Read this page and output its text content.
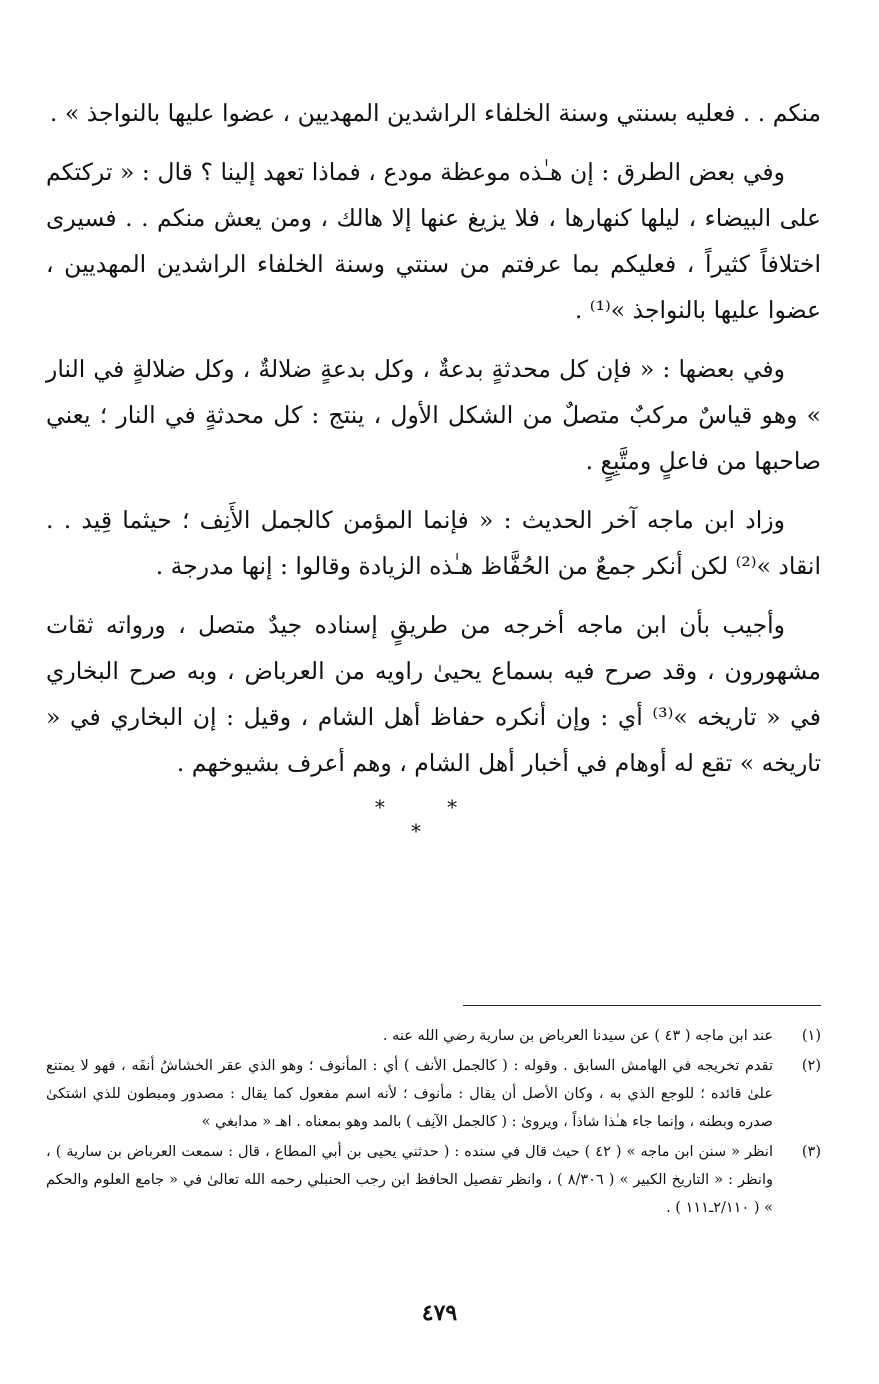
منكم . . فعليه بسنتي وسنة الخلفاء الراشدين المهديين ، عضوا عليها بالنواجذ » .

وفي بعض الطرق : إن هـٰذه موعظة مودع ، فماذا تعهد إلينا ؟ قال : « تركتكم على البيضاء ، ليلها كنهارها ، فلا يزيغ عنها إلا هالك ، ومن يعش منكم . . فسيرى اختلافاً كثيراً ، فعليكم بما عرفتم من سنتي وسنة الخلفاء الراشدين المهديين ، عضوا عليها بالنواجذ »⁽¹⁾ .

وفي بعضها : « فإن كل محدثةٍ بدعةٌ ، وكل بدعةٍ ضلالةٌ ، وكل ضلالةٍ في النار » وهو قياسٌ مركبٌ متصلٌ من الشكل الأول ، ينتج : كل محدثةٍ في النار ؛ يعني صاحبها من فاعلٍ ومتَّبِعٍ .

وزاد ابن ماجه آخر الحديث : « فإنما المؤمن كالجمل الأَنِف ؛ حيثما قِيد . . انقاد »⁽²⁾ لكن أنكر جمعٌ من الحُفَّاظ هـٰذه الزيادة وقالوا : إنها مدرجة .

وأجيب بأن ابن ماجه أخرجه من طريقٍ إسناده جيدٌ متصل ، ورواته ثقات مشهورون ، وقد صرح فيه بسماع يحيىٰ راويه من العرباض ، وبه صرح البخاري في « تاريخه »⁽³⁾ أي : وإن أنكره حفاظ أهل الشام ، وقيل : إن البخاري في « تاريخه » تقع له أوهام في أخبار أهل الشام ، وهم أعرف بشيوخهم .

* * *
(١)
عند ابن ماجه ( ٤٣ ) عن سيدنا العرباض بن سارية رضي الله عنه .
(٢)
تقدم تخريجه في الهامش السابق . وقوله : ( كالجمل الأنف ) أي : المأنوف ؛ وهو الذي عقر الخشاشُ أنفَه ، فهو لا يمتنع علىٰ قائده ؛ للوجع الذي به ، وكان الأصل أن يقال : مأنوف ؛ لأنه اسم مفعول كما يقال : مصدور ومبطون للذي اشتكىٰ صدره وبطنه ، وإنما جاء هـٰذا شاذاً ، ويروىٰ : ( كالجمل الآنِف ) بالمد وهو بمعناه . اهـ « مدابغي »
(٣)
انظر « سنن ابن ماجه » ( ٤٢ ) حيث قال في سنده : ( حدثني يحيى بن أبي المطاع ، قال : سمعت العرباض بن سارية ) ، وانظر : « التاريخ الكبير » ( ٨/٣٠٦ ) ، وانظر تفصيل الحافظ ابن رجب الحنبلي رحمه الله تعالىٰ في « جامع العلوم والحكم » ( ٢/١١٠ـ١١١ ) .
٤٧٩
